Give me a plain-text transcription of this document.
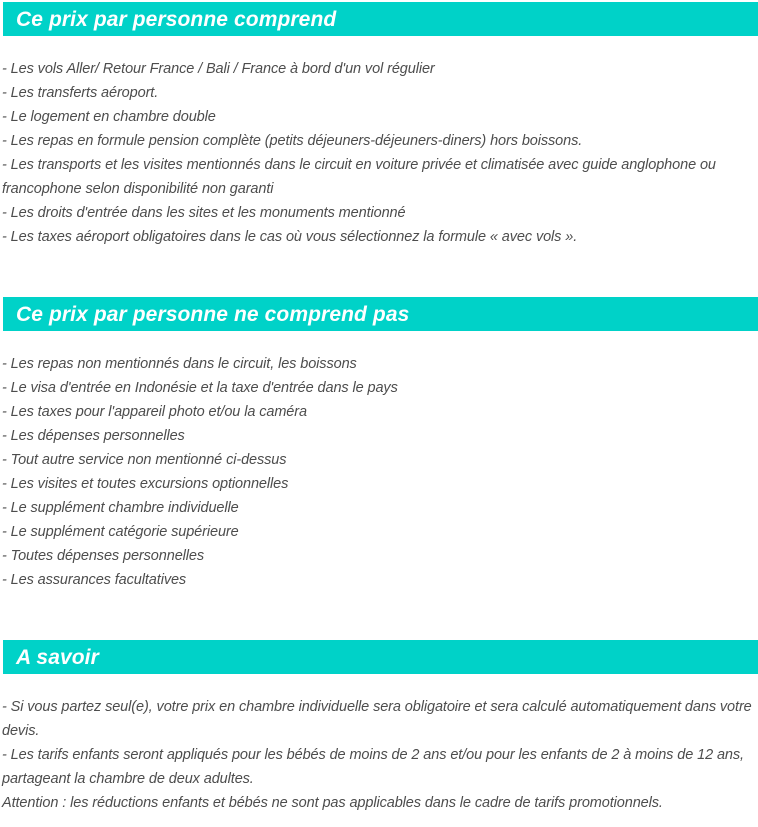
Ce prix par personne comprend

- Les vols Aller/ Retour France / Bali / France à bord d'un vol régulier

- Les transferts aéroport.

- Le logement en chambre double

- Les repas en formule pension complète (petits déjeuners-déjeuners-diners) hors boissons.

- Les transports et les visites mentionnés dans le circuit en voiture privée et climatisée avec guide anglophone ou francophone selon disponibilité non garanti

- Les droits d'entrée dans les sites et les monuments mentionné

- Les taxes aéroport obligatoires dans le cas où vous sélectionnez la formule « avec vols ».

Ce prix par personne ne comprend pas

- Les repas non mentionnés dans le circuit, les boissons

- Le visa d'entrée en Indonésie et la taxe d'entrée dans le pays

- Les taxes pour l'appareil photo et/ou la caméra

- Les dépenses personnelles

- Tout autre service non mentionné ci-dessus

- Les visites et toutes excursions optionnelles

- Le supplément chambre individuelle

- Le supplément catégorie supérieure

- Toutes dépenses personnelles

- Les assurances facultatives

A savoir

- Si vous partez seul(e), votre prix en chambre individuelle sera obligatoire et sera calculé automatiquement dans votre devis.

- Les tarifs enfants seront appliqués pour les bébés de moins de 2 ans et/ou pour les enfants de 2 à moins de 12 ans, partageant la chambre de deux adultes.

Attention : les réductions enfants et bébés ne sont pas applicables dans le cadre de tarifs promotionnels.
